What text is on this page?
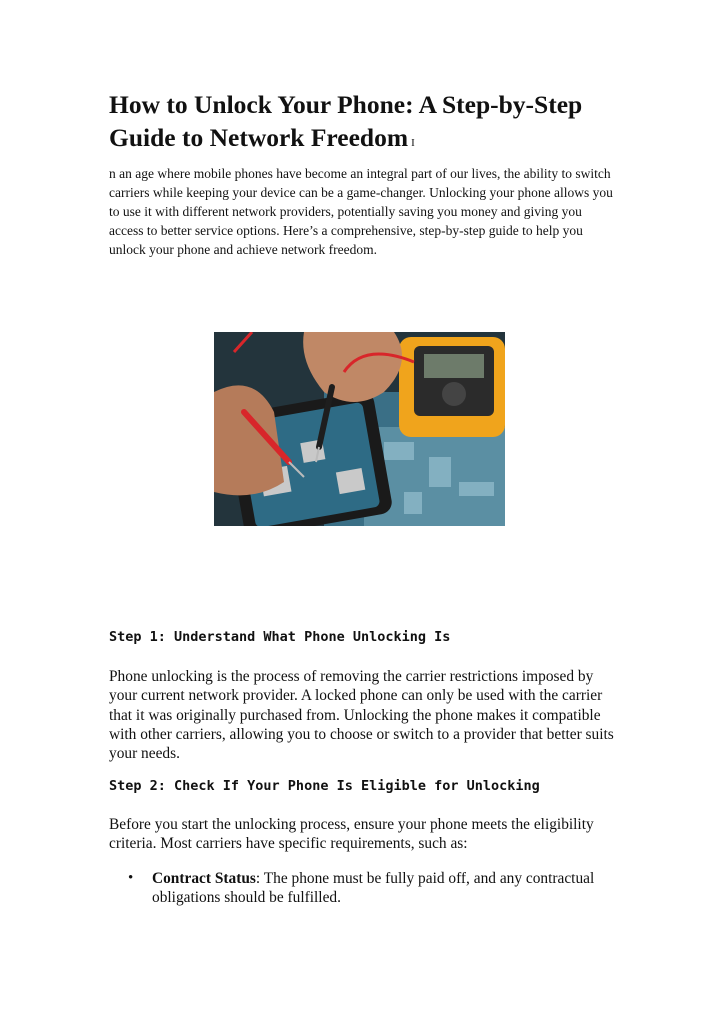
How to Unlock Your Phone: A Step-by-Step Guide to Network Freedom I

n an age where mobile phones have become an integral part of our lives, the ability to switch carriers while keeping your device can be a game-changer. Unlocking your phone allows you to use it with different network providers, potentially saving you money and giving you access to better service options. Here’s a comprehensive, step-by-step guide to help you unlock your phone and achieve network freedom.

Step 1: Understand What Phone Unlocking Is

Phone unlocking is the process of removing the carrier restrictions imposed by your current network provider. A locked phone can only be used with the carrier that it was originally purchased from. Unlocking the phone makes it compatible with other carriers, allowing you to choose or switch to a provider that better suits your needs.

Step 2: Check If Your Phone Is Eligible for Unlocking

Before you start the unlocking process, ensure your phone meets the eligibility criteria. Most carriers have specific requirements, such as:

• Contract Status: The phone must be fully paid off, and any contractual obligations should be fulfilled.
